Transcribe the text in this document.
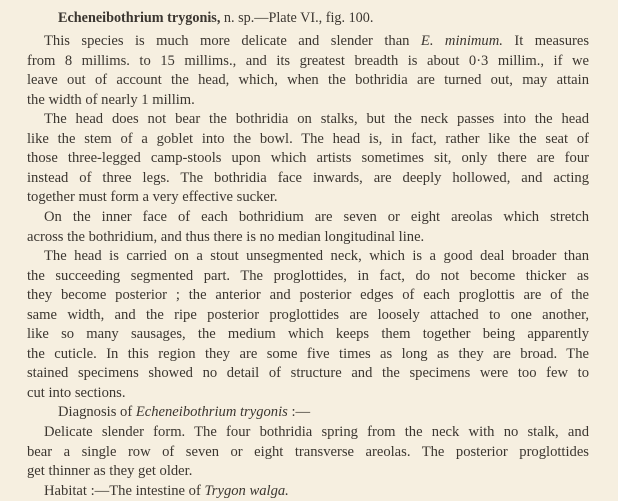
Echeneibothrium trygonis, n. sp.—Plate VI., fig. 100.
This species is much more delicate and slender than E. minimum. It measures
from 8 millims. to 15 millims., and its greatest breadth is about 0·3 millim., if we
leave out of account the head, which, when the bothridia are turned out, may attain
the width of nearly 1 millim.
The head does not bear the bothridia on stalks, but the neck passes into the head
like the stem of a goblet into the bowl. The head is, in fact, rather like the seat of
those three-legged camp-stools upon which artists sometimes sit, only there are four
instead of three legs. The bothridia face inwards, are deeply hollowed, and acting
together must form a very effective sucker.
On the inner face of each bothridium are seven or eight areolas which stretch
across the bothridium, and thus there is no median longitudinal line.
The head is carried on a stout unsegmented neck, which is a good deal broader than
the succeeding segmented part. The proglottides, in fact, do not become thicker as
they become posterior ; the anterior and posterior edges of each proglottis are of the
same width, and the ripe posterior proglottides are loosely attached to one another,
like so many sausages, the medium which keeps them together being apparently
the cuticle. In this region they are some five times as long as they are broad. The
stained specimens showed no detail of structure and the specimens were too few to
cut into sections.
Diagnosis of Echeneibothrium trygonis :—
Delicate slender form. The four bothridia spring from the neck with no stalk, and
bear a single row of seven or eight transverse areolas. The posterior proglottides
get thinner as they get older.
Habitat :—The intestine of Trygon walga.
